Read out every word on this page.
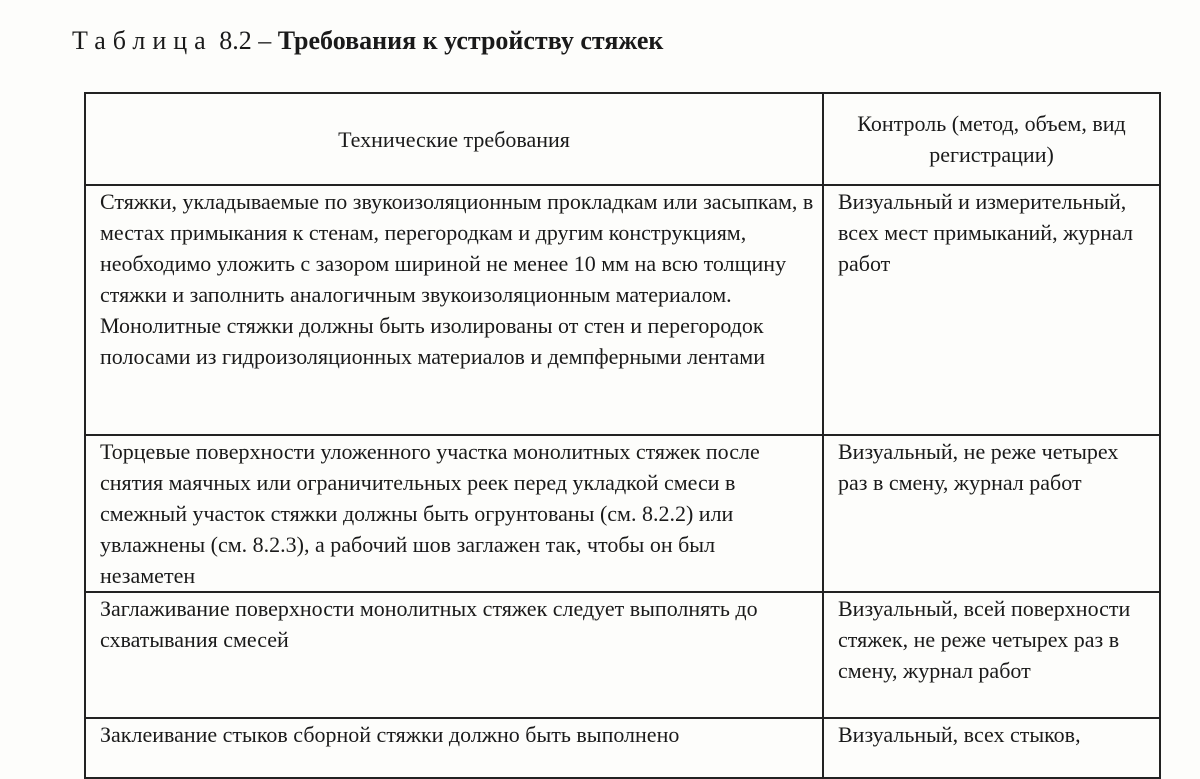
Таблица 8.2 – Требования к устройству стяжек
Технические требования	Контроль (метод, объем, вид регистрации)

Стяжки, укладываемые по звукоизоляционным прокладкам или засыпкам, в местах примыкания к стенам, перегородкам и другим конструкциям, необходимо уложить с зазором шириной не менее 10 мм на всю толщину стяжки и заполнить аналогичным звукоизоляционным материалом.

Монолитные стяжки должны быть изолированы от стен и перегородок полосами из гидроизоляционных материалов и демпферными лентами	Визуальный и измерительный, всех мест примыканий, журнал работ
Торцевые поверхности уложенного участка монолитных стяжек после снятия маячных или ограничительных реек перед укладкой смеси в смежный участок стяжки должны быть огрунтованы (см. 8.2.2) или увлажнены (см. 8.2.3), а рабочий шов заглажен так, чтобы он был незаметен	Визуальный, не реже четырех раз в смену, журнал работ
Заглаживание поверхности монолитных стяжек следует выполнять до схватывания смесей	Визуальный, всей поверхности стяжек, не реже четырех раз в смену, журнал работ
Заклеивание стыков сборной стяжки должно быть выполнено	Визуальный, всех стыков,
